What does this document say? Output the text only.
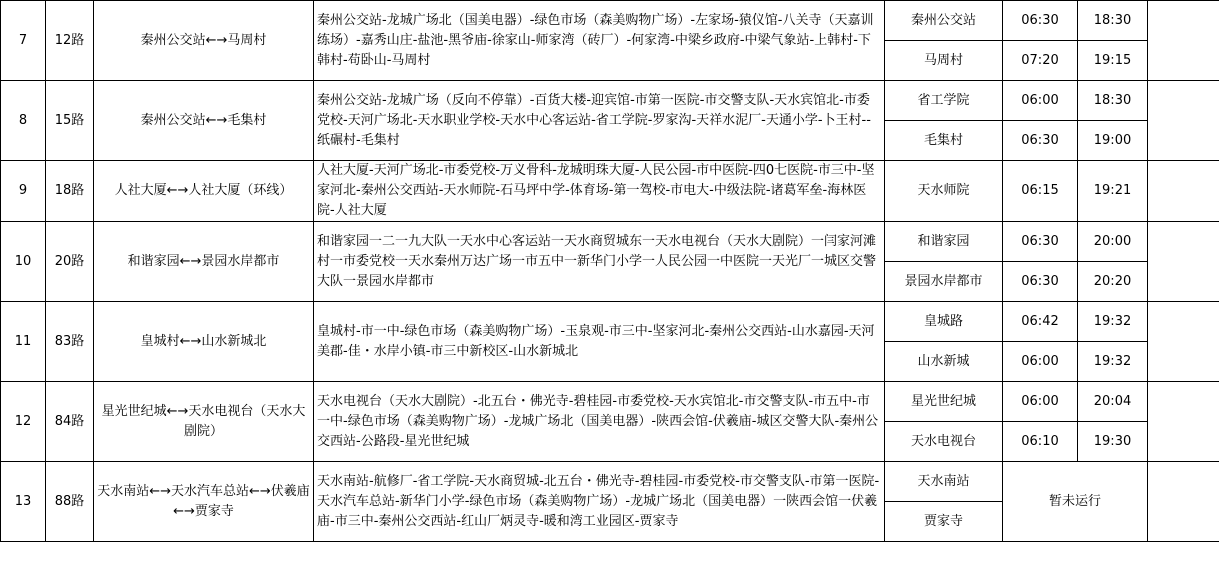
7	12路	秦州公交站←→马周村	秦州公交站-龙城广场北（国美电器）-绿色市场（森美购物广场）-左家场-猿仪馆-八关寺（天嘉训练场）-嘉秀山庄-盐池-黑爷庙-徐家山-师家湾（砖厂）-何家湾-中梁乡政府-中梁气象站-上韩村-下韩村-苟卧山-马周村	秦州公交站	06:30	18:30	
				马周村	07:20	19:15	
8	15路	秦州公交站←→毛集村	秦州公交站-龙城广场（反向不停靠）-百货大楼-迎宾馆-市第一医院-市交警支队-天水宾馆北-市委党校-天河广场北-天水职业学校-天水中心客运站-省工学院-罗家沟-天祥水泥厂-天通小学-卜王村--纸碾村-毛集村	省工学院	06:00	18:30	
				毛集村	06:30	19:00	
9	18路	人社大厦←→人社大厦（环线）	人社大厦-天河广场北-市委党校-万义骨科-龙城明珠大厦-人民公园-市中医院-四0七医院-市三中-坚家河北-秦州公交西站-天水师院-石马坪中学-体育场-第一驾校-市电大-中级法院-诸葛军垒-海林医院-人社大厦	天水师院	06:15	19:21	

10	20路	和谐家园←→景园水岸都市	和谐家园一二一九大队一天水中心客运站一天水商贸城东一天水电视台（天水大剧院）一闫家河滩村一市委党校一天水秦州万达广场一市五中一新华门小学一人民公园一中医院一天光厂一城区交警大队一景园水岸都市	和谐家园	06:30	20:00	
				景园水岸都市	06:30	20:20	
11	83路	皇城村←→山水新城北	皇城村-市一中-绿色市场（森美购物广场）-玉泉观-市三中-坚家河北-秦州公交西站-山水嘉园-天河美郡-佳・水岸小镇-市三中新校区-山水新城北	皇城路	06:42	19:32	
				山水新城	06:00	19:32	
12	84路	星光世纪城←→天水电视台（天水大剧院）	天水电视台（天水大剧院）-北五台・佛光寺-碧桂园-市委党校-天水宾馆北-市交警支队-市五中-市一中-绿色市场（森美购物广场）-龙城广场北（国美电器）-陕西会馆-伏羲庙-城区交警大队-秦州公交西站-公路段-星光世纪城	星光世纪城	06:00	20:04	
				天水电视台	06:10	19:30	
13	88路	天水南站←→天水汽车总站←→伏羲庙←→贾家寺	天水南站-航修厂-省工学院-天水商贸城-北五台・佛光寺-碧桂园-市委党校-市交警支队-市第一医院-天水汽车总站-新华门小学-绿色市场（森美购物广场）-龙城广场北（国美电器）一陕西会馆一伏羲庙-市三中-秦州公交西站-红山厂炳灵寺-暖和湾工业园区-贾家寺	天水南站	暂未运行		
				贾家寺			
